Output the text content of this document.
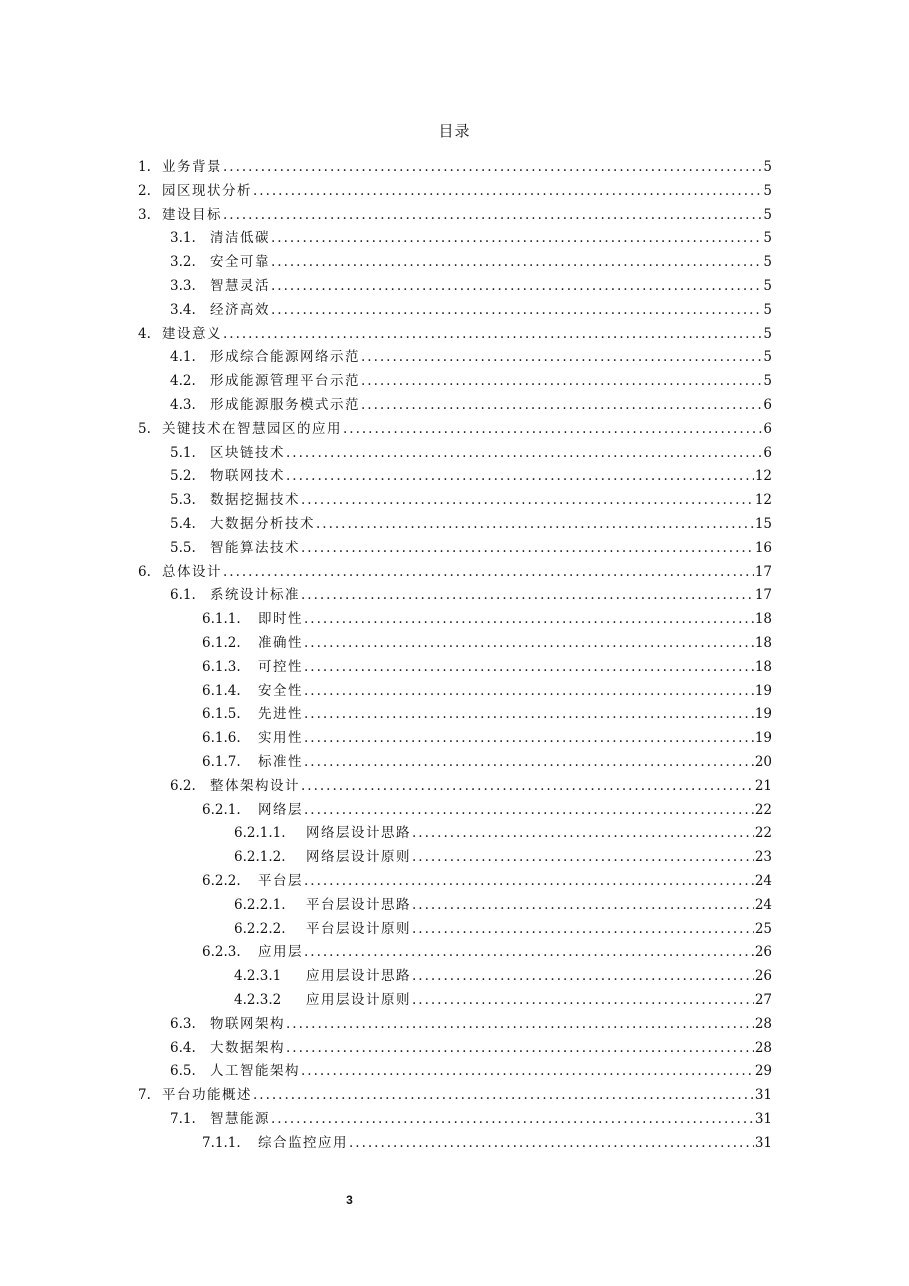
目录
1. 业务背景 .....	5
2. 园区现状分析 .....	5
3. 建设目标 .....	5
3.1.	清洁低碳 .....	5
3.2.	安全可靠 .....	5
3.3.	智慧灵活 .....	5
3.4.	经济高效 .....	5
4. 建设意义 .....	5
4.1.	形成综合能源网络示范 .....	5
4.2.	形成能源管理平台示范 .....	5
4.3.	形成能源服务模式示范 .....	6
5. 关键技术在智慧园区的应用 .....	6
5.1.	区块链技术 .....	6
5.2.	物联网技术 .....	12
5.3.	数据挖掘技术 .....	12
5.4.	大数据分析技术 .....	15
5.5.	智能算法技术 .....	16
6. 总体设计 .....	17
6.1.	系统设计标准 .....	17
6.1.1.	即时性 .....	18
6.1.2.	准确性 .....	18
6.1.3.	可控性 .....	18
6.1.4.	安全性 .....	19
6.1.5.	先进性 .....	19
6.1.6.	实用性 .....	19
6.1.7.	标准性 .....	20
6.2.	整体架构设计 .....	21
6.2.1.	网络层 .....	22
6.2.1.1.	网络层设计思路 .....	22
6.2.1.2.	网络层设计原则 .....	23
6.2.2.	平台层 .....	24
6.2.2.1.	平台层设计思路 .....	24
6.2.2.2.	平台层设计原则 .....	25
6.2.3.	应用层 .....	26
4.2.3.1	应用层设计思路 .....	26
4.2.3.2	应用层设计原则 .....	27
6.3.	物联网架构 .....	28
6.4.	大数据架构 .....	28
6.5.	人工智能架构 .....	29
7. 平台功能概述 .....	31
7.1.	智慧能源 .....	31
7.1.1.	综合监控应用 .....	31
3
